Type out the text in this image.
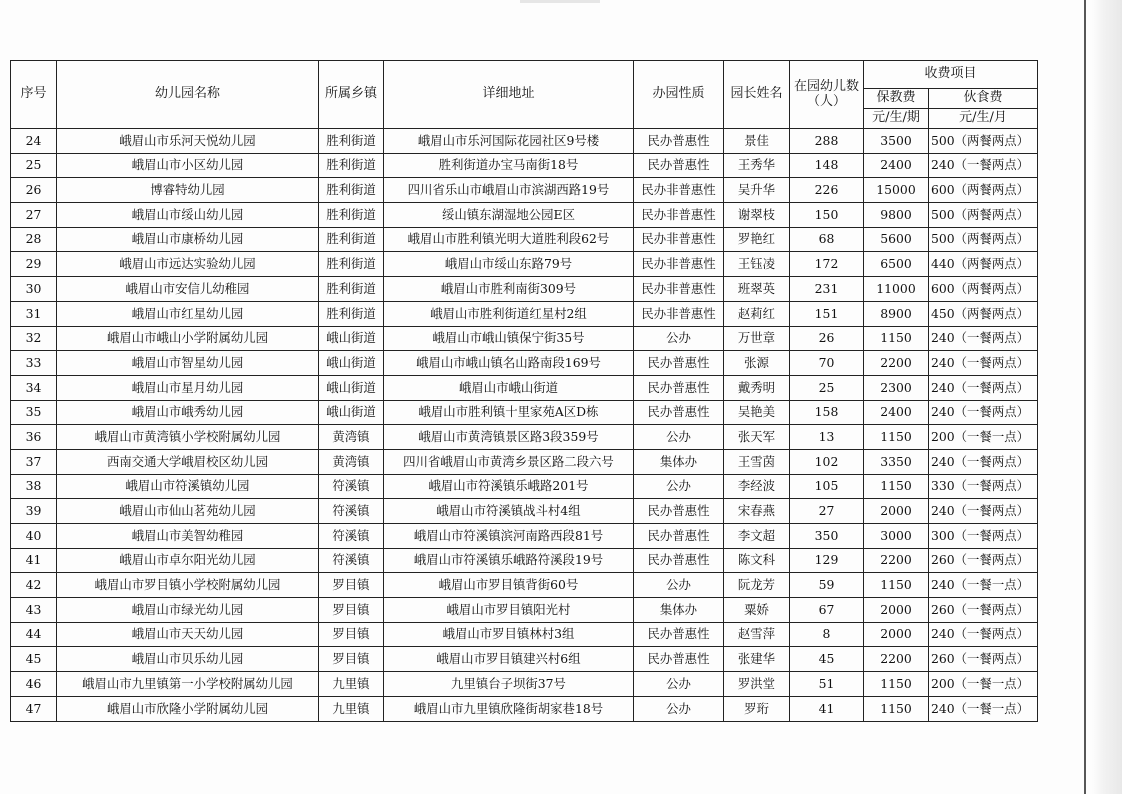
序号	幼儿园名称	所属乡镇	详细地址	办园性质	园长姓名	在园幼儿数（人）	收费项目	
							保教费	伙食费
							元/生/期	元/生/月
24	峨眉山市乐河天悦幼儿园	胜利街道	峨眉山市乐河国际花园社区9号楼	民办普惠性	景佳	288	3500	500（两餐两点）
25	峨眉山市小区幼儿园	胜利街道	胜利街道办宝马南街18号	民办普惠性	王秀华	148	2400	240（一餐两点）
26	博睿特幼儿园	胜利街道	四川省乐山市峨眉山市滨湖西路19号	民办非普惠性	吴升华	226	15000	600（两餐两点）
27	峨眉山市绥山幼儿园	胜利街道	绥山镇东湖湿地公园E区	民办非普惠性	谢翠枝	150	9800	500（两餐两点）
28	峨眉山市康桥幼儿园	胜利街道	峨眉山市胜利镇光明大道胜利段62号	民办非普惠性	罗艳红	68	5600	500（两餐两点）
29	峨眉山市远达实验幼儿园	胜利街道	峨眉山市绥山东路79号	民办非普惠性	王钰凌	172	6500	440（两餐两点）
30	峨眉山市安信儿幼稚园	胜利街道	峨眉山市胜利南街309号	民办非普惠性	班翠英	231	11000	600（两餐两点）
31	峨眉山市红星幼儿园	胜利街道	峨眉山市胜利街道红星村2组	民办非普惠性	赵莉红	151	8900	450（两餐两点）
32	峨眉山市峨山小学附属幼儿园	峨山街道	峨眉山市峨山镇保宁街35号	公办	万世章	26	1150	240（一餐两点）
33	峨眉山市智星幼儿园	峨山街道	峨眉山市峨山镇名山路南段169号	民办普惠性	张源	70	2200	240（一餐两点）
34	峨眉山市星月幼儿园	峨山街道	峨眉山市峨山街道	民办普惠性	戴秀明	25	2300	240（一餐两点）
35	峨眉山市峨秀幼儿园	峨山街道	峨眉山市胜利镇十里家苑A区D栋	民办普惠性	吴艳美	158	2400	240（一餐两点）
36	峨眉山市黄湾镇小学校附属幼儿园	黄湾镇	峨眉山市黄湾镇景区路3段359号	公办	张天军	13	1150	200（一餐一点）
37	西南交通大学峨眉校区幼儿园	黄湾镇	四川省峨眉山市黄湾乡景区路二段六号	集体办	王雪茵	102	3350	240（一餐两点）
38	峨眉山市符溪镇幼儿园	符溪镇	峨眉山市符溪镇乐峨路201号	公办	李经波	105	1150	330（一餐两点）
39	峨眉山市仙山茗苑幼儿园	符溪镇	峨眉山市符溪镇战斗村4组	民办普惠性	宋春燕	27	2000	240（一餐两点）
40	峨眉山市美智幼稚园	符溪镇	峨眉山市符溪镇滨河南路西段81号	民办普惠性	李文超	350	3000	300（一餐两点）
41	峨眉山市卓尔阳光幼儿园	符溪镇	峨眉山市符溪镇乐峨路符溪段19号	民办普惠性	陈文科	129	2200	260（一餐两点）
42	峨眉山市罗目镇小学校附属幼儿园	罗目镇	峨眉山市罗目镇背街60号	公办	阮龙芳	59	1150	240（一餐一点）
43	峨眉山市绿光幼儿园	罗目镇	峨眉山市罗目镇阳光村	集体办	粟娇	67	2000	260（一餐两点）
44	峨眉山市天天幼儿园	罗目镇	峨眉山市罗目镇林村3组	民办普惠性	赵雪萍	8	2000	240（一餐两点）
45	峨眉山市贝乐幼儿园	罗目镇	峨眉山市罗目镇建兴村6组	民办普惠性	张建华	45	2200	260（一餐两点）
46	峨眉山市九里镇第一小学校附属幼儿园	九里镇	九里镇台子坝街37号	公办	罗洪堂	51	1150	200（一餐一点）
47	峨眉山市欣隆小学附属幼儿园	九里镇	峨眉山市九里镇欣隆街胡家巷18号	公办	罗珩	41	1150	240（一餐一点）
